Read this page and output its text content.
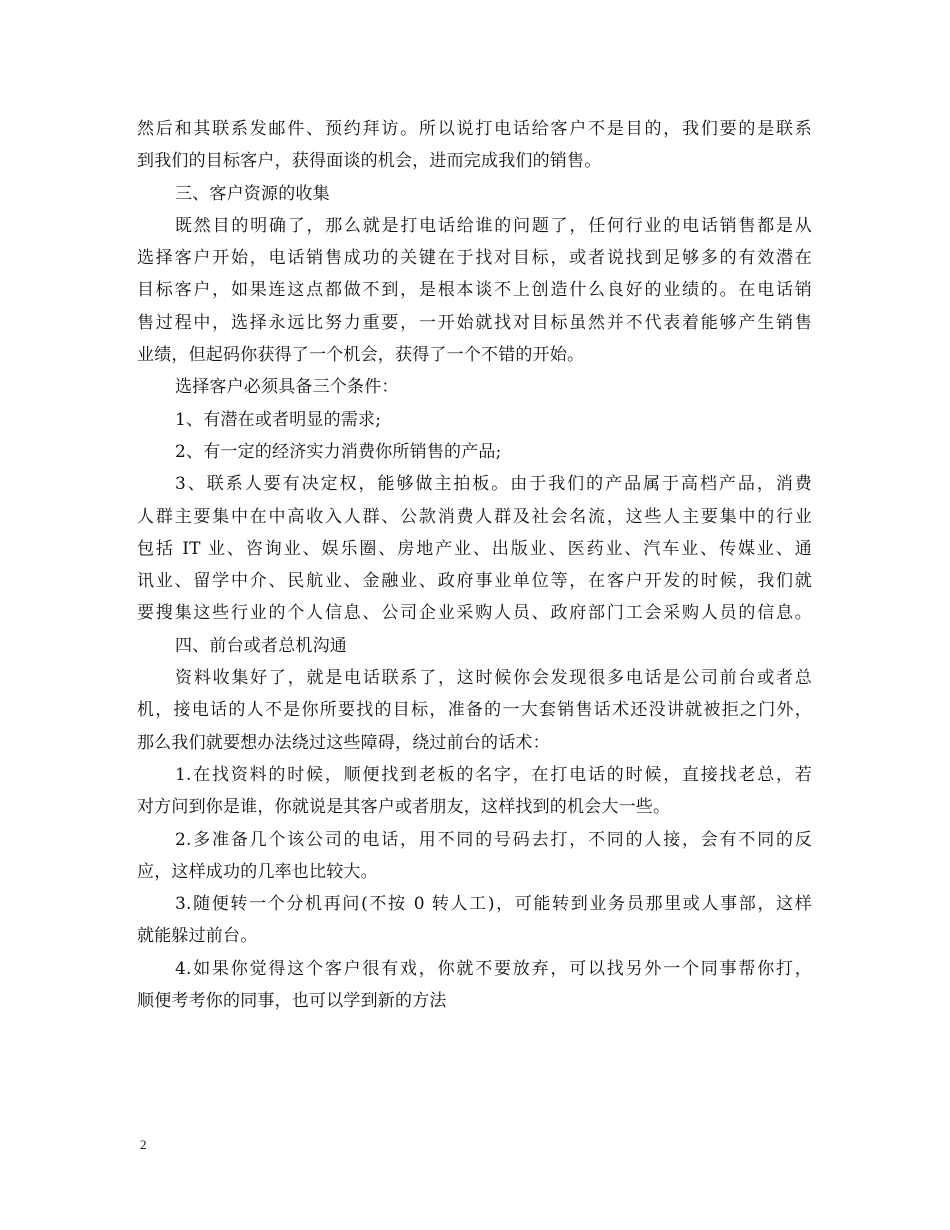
然后和其联系发邮件、预约拜访。所以说打电话给客户不是目的，我们要的是联系
到我们的目标客户，获得面谈的机会，进而完成我们的销售。
三、客户资源的收集
既然目的明确了，那么就是打电话给谁的问题了，任何行业的电话销售都是从
选择客户开始，电话销售成功的关键在于找对目标，或者说找到足够多的有效潜在
目标客户，如果连这点都做不到，是根本谈不上创造什么良好的业绩的。在电话销
售过程中，选择永远比努力重要，一开始就找对目标虽然并不代表着能够产生销售
业绩，但起码你获得了一个机会，获得了一个不错的开始。
选择客户必须具备三个条件：
1、有潜在或者明显的需求;
2、有一定的经济实力消费你所销售的产品;
3、联系人要有决定权，能够做主拍板。由于我们的产品属于高档产品，消费
人群主要集中在中高收入人群、公款消费人群及社会名流，这些人主要集中的行业
包括 IT 业、咨询业、娱乐圈、房地产业、出版业、医药业、汽车业、传媒业、通
讯业、留学中介、民航业、金融业、政府事业单位等，在客户开发的时候，我们就
要搜集这些行业的个人信息、公司企业采购人员、政府部门工会采购人员的信息。
四、前台或者总机沟通
资料收集好了，就是电话联系了，这时候你会发现很多电话是公司前台或者总
机，接电话的人不是你所要找的目标，准备的一大套销售话术还没讲就被拒之门外，
那么我们就要想办法绕过这些障碍，绕过前台的话术：
1.在找资料的时候，顺便找到老板的名字，在打电话的时候，直接找老总，若
对方问到你是谁，你就说是其客户或者朋友，这样找到的机会大一些。
2.多准备几个该公司的电话，用不同的号码去打，不同的人接，会有不同的反
应，这样成功的几率也比较大。
3.随便转一个分机再问(不按 0 转人工)，可能转到业务员那里或人事部，这样
就能躲过前台。
4.如果你觉得这个客户很有戏，你就不要放弃，可以找另外一个同事帮你打，
顺便考考你的同事，也可以学到新的方法
2
